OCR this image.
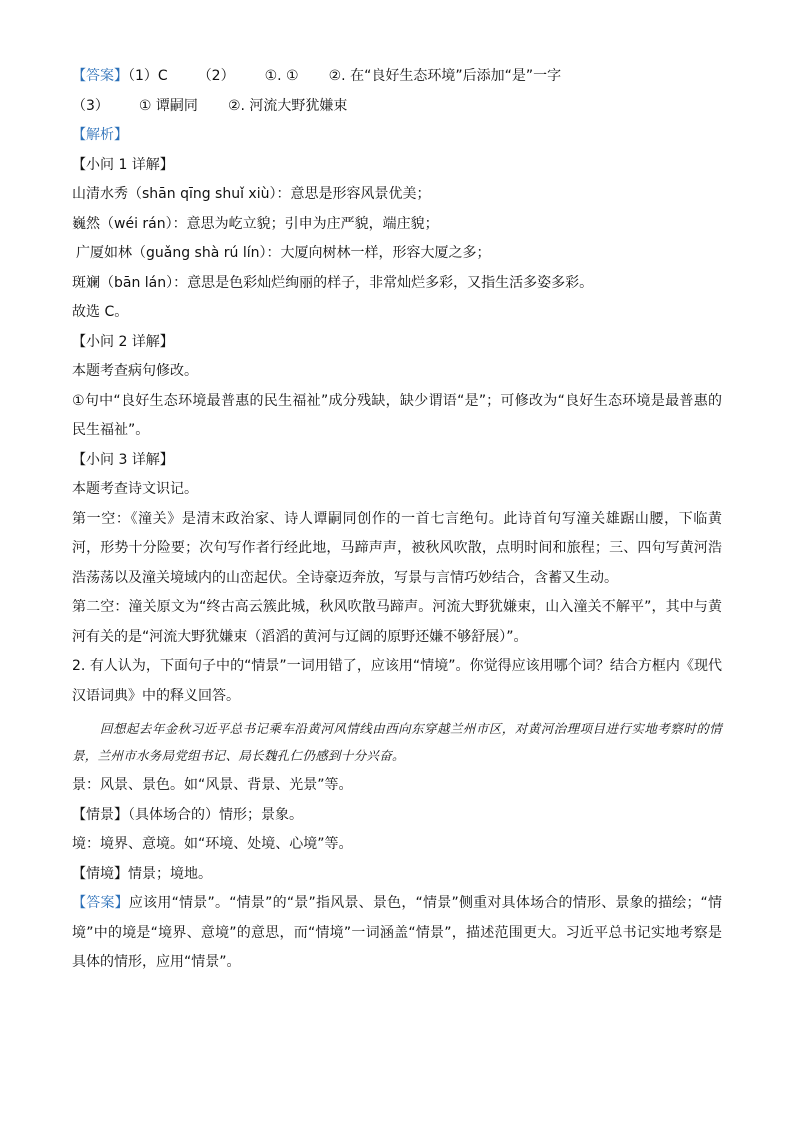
【答案】（1）C （2） ①. ① ②. 在“良好生态环境”后添加“是”一字
（3） ① 谭嗣同 ②. 河流大野犹嫌束
【解析】
【小问 1 详解】
山清水秀（shān qīng shuǐ xiù）：意思是形容风景优美；
巍然（wéi rán）：意思为屹立貌；引申为庄严貌，端庄貌；
广厦如林（guǎng shà rú lín）：大厦向树林一样，形容大厦之多；
斑斓（bān lán）：意思是色彩灿烂绚丽的样子，非常灿烂多彩，又指生活多姿多彩。
故选 C。
【小问 2 详解】
本题考查病句修改。
①句中“良好生态环境最普惠的民生福祉”成分残缺，缺少谓语“是”；可修改为“良好生态环境是最普惠的民生福祉”。
【小问 3 详解】
本题考查诗文识记。
第一空：《潼关》是清末政治家、诗人谭嗣同创作的一首七言绝句。此诗首句写潼关雄踞山腰，下临黄河，形势十分险要；次句写作者行经此地，马蹄声声，被秋风吹散，点明时间和旅程；三、四句写黄河浩浩荡荡以及潼关境域内的山峦起伏。全诗豪迈奔放，写景与言情巧妙结合，含蓄又生动。
第二空：潼关原文为“终古高云簇此城，秋风吹散马蹄声。河流大野犹嫌束，山入潼关不解平”，其中与黄河有关的是“河流大野犹嫌束（滔滔的黄河与辽阔的原野还嫌不够舒展）”。
2. 有人认为，下面句子中的“情景”一词用错了，应该用“情境”。你觉得应该用哪个词？结合方框内《现代汉语词典》中的释义回答。
回想起去年金秋习近平总书记乘车沿黄河风情线由西向东穿越兰州市区，对黄河治理项目进行实地考察时的情景，兰州市水务局党组书记、局长魏孔仁仍感到十分兴奋。
景：风景、景色。如“风景、背景、光景”等。
【情景】（具体场合的）情形；景象。
境：境界、意境。如“环境、处境、心境”等。
【情境】情景；境地。
【答案】应该用“情景”。“情景”的“景”指风景、景色，“情景”侧重对具体场合的情形、景象的描绘；“情境”中的境是“境界、意境”的意思，而“情境”一词涵盖“情景”，描述范围更大。习近平总书记实地考察是具体的情形，应用“情景”。
